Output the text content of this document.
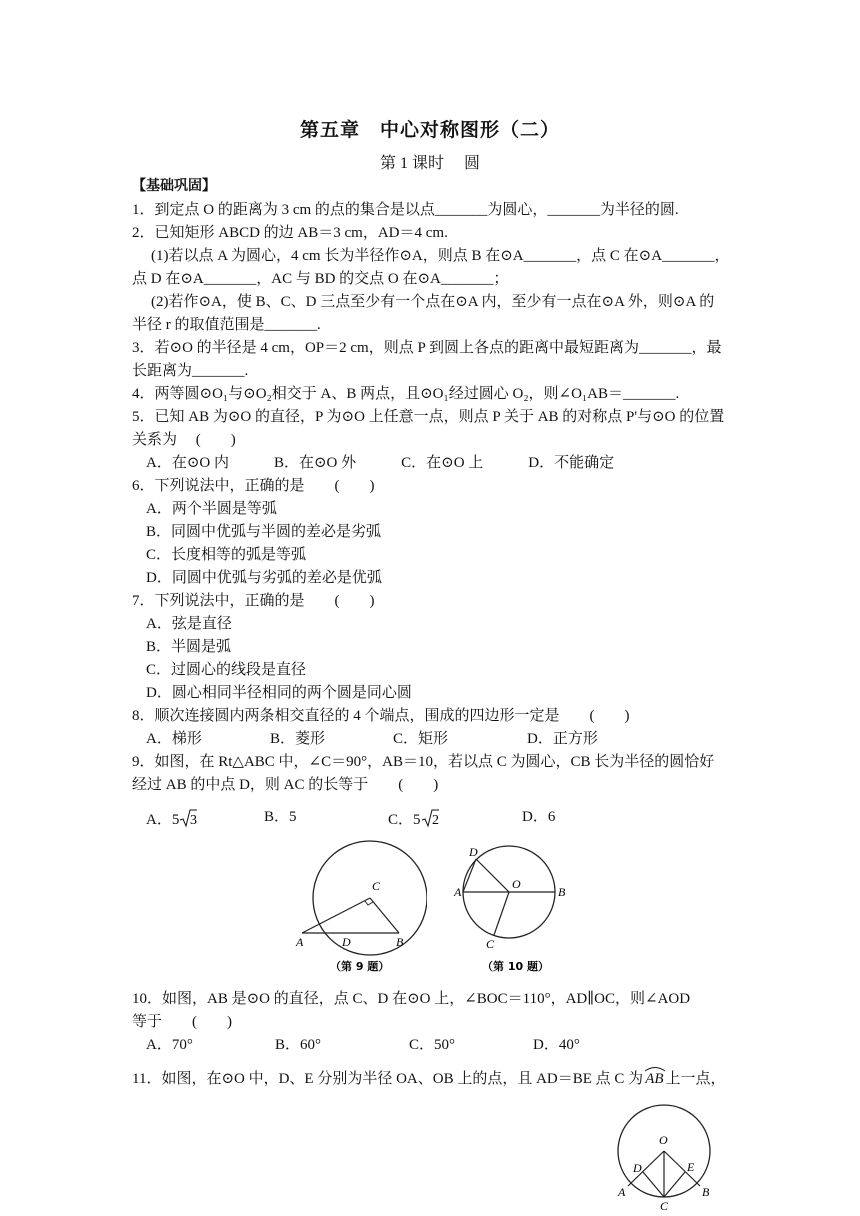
第五章　中心对称图形（二）
第 1 课时　 圆
【基础巩固】
1．到定点 O 的距离为 3 cm 的点的集合是以点_______为圆心，_______为半径的圆.
2．已知矩形 ABCD 的边 AB＝3 cm，AD＝4 cm.
(1)若以点 A 为圆心，4 cm 长为半径作⊙A，则点 B 在⊙A_______，点 C 在⊙A_______，
点 D 在⊙A_______，AC 与 BD 的交点 O 在⊙A_______；
(2)若作⊙A，使 B、C、D 三点至少有一个点在⊙A 内，至少有一点在⊙A 外，则⊙A 的
半径 r 的取值范围是_______.
3．若⊙O 的半径是 4 cm，OP＝2 cm，则点 P 到圆上各点的距离中最短距离为_______，最
长距离为_______.
4．两等圆⊙O₁与⊙O₂相交于 A、B 两点，且⊙O₁经过圆心 O₂，则∠O₁AB＝_______.
5．已知 AB 为⊙O 的直径，P 为⊙O 上任意一点，则点 P 关于 AB 的对称点 P'与⊙O 的位置
关系为　 (　　)
A．在⊙O 内　　　B．在⊙O 外　　　C．在⊙O 上　　　D．不能确定
6．下列说法中，正确的是　　(　　)
A．两个半圆是等弧
B．同圆中优弧与半圆的差必是劣弧
C．长度相等的弧是等弧
D．同圆中优弧与劣弧的差必是优弧
7．下列说法中，正确的是　　(　　)
A．弦是直径
B．半圆是弧
C．过圆心的线段是直径
D．圆心相同半径相同的两个圆是同心圆
8．顺次连接圆内两条相交直径的 4 个端点，围成的四边形一定是　　(　　)
A．梯形	B．菱形	C．矩形	D．正方形
9．如图，在 Rt△ABC 中，∠C＝90°，AB＝10，若以点 C 为圆心，CB 长为半径的圆恰好
经过 AB 的中点 D，则 AC 的长等于　　(　　)
A．5 3	B．5	C．5 2	D．6
C
A	D	B
（第 9 题）
D
A
O
B
C
（第 10 题）
10．如图，AB 是⊙O 的直径，点 C、D 在⊙O 上，∠BOC＝110°，AD∥OC，则∠AOD
等于　　(　　)
A．70°	B．60°	C．50°	D．40°
11．如图，在⊙O 中，D、E 分别为半径 OA、OB 上的点，且 AD＝BE 点 C 为 AB 上一点，
O
D	E
A
C
B
